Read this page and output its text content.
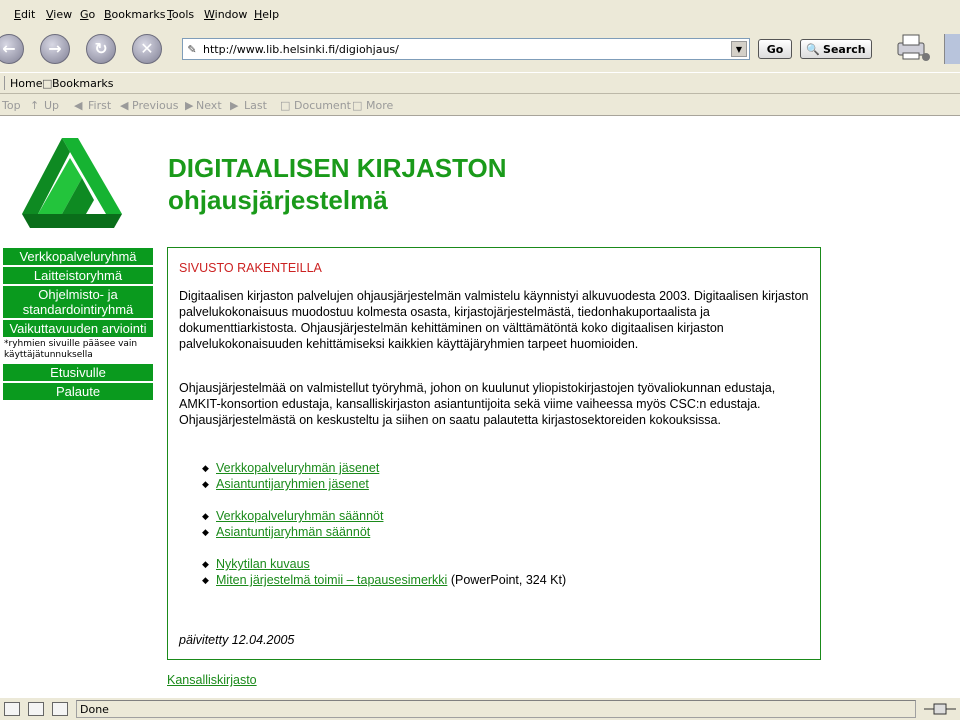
Edit View Go Bookmarks Tools Window Help
← → ↻ ✕	✎ http://www.lib.helsinki.fi/digiohjaus/	▼	Go	🔍 Search
Home □ Bookmarks
Top ↑ Up ◀ First ◀ Previous ▶ Next ▶ Last □ Document □ More
DIGITAALISEN KIRJASTON
ohjausjärjestelmä
Verkkopalveluryhmä
Laitteistoryhmä
Ohjelmisto- ja standardointiryhmä
Vaikuttavuuden arviointi
*ryhmien sivuille pääsee vain käyttäjätunnuksella
Etusivulle
Palaute
SIVUSTO RAKENTEILLA
Digitaalisen kirjaston palvelujen ohjausjärjestelmän valmistelu käynnistyi alkuvuodesta 2003. Digitaalisen kirjaston palvelukokonaisuus muodostuu kolmesta osasta, kirjastojärjestelmästä, tiedonhakuportaalista ja dokumenttiarkistosta. Ohjausjärjestelmän kehittäminen on välttämätöntä koko digitaalisen kirjaston palvelukokonaisuuden kehittämiseksi kaikkien käyttäjäryhmien tarpeet huomioiden.
Ohjausjärjestelmää on valmistellut työryhmä, johon on kuulunut yliopistokirjastojen työvaliokunnan edustaja, AMKIT-konsortion edustaja, kansalliskirjaston asiantuntijoita sekä viime vaiheessa myös CSC:n edustaja. Ohjausjärjestelmästä on keskusteltu ja siihen on saatu palautetta kirjastosektoreiden kokouksissa.
◆ Verkkopalveluryhmän jäsenet
◆ Asiantuntijaryhmien jäsenet
◆ Verkkopalveluryhmän säännöt
◆ Asiantuntijaryhmän säännöt
◆ Nykytilan kuvaus
◆ Miten järjestelmä toimii – tapausesimerkki (PowerPoint, 324 Kt)
päivitetty 12.04.2005
Kansalliskirjasto
Done
